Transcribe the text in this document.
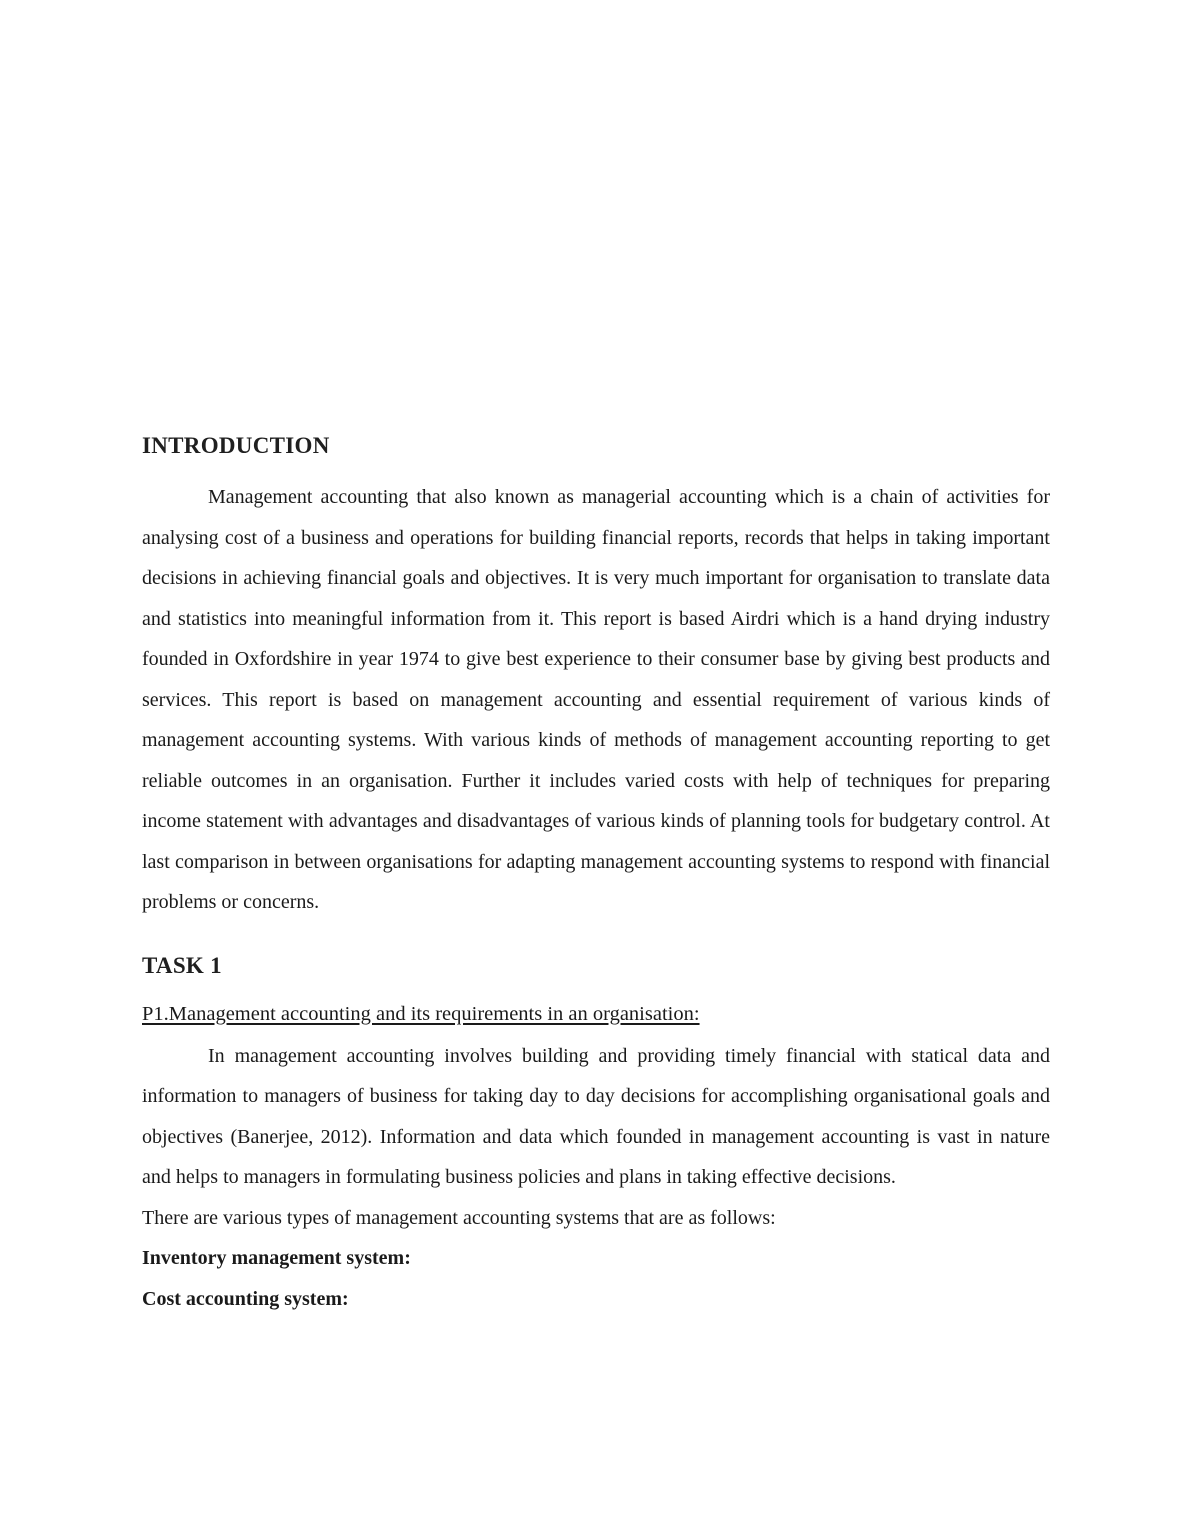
INTRODUCTION

Management accounting that also known as managerial accounting which is a chain of activities for analysing cost of a business and operations for building financial reports, records that helps in taking important decisions in achieving financial goals and objectives. It is very much important for organisation to translate data and statistics into meaningful information from it. This report is based Airdri which is a hand drying industry founded in Oxfordshire in year 1974 to give best experience to their consumer base by giving best products and services. This report is based on management accounting and essential requirement of various kinds of management accounting systems. With various kinds of methods of management accounting reporting to get reliable outcomes in an organisation. Further it includes varied costs with help of techniques for preparing income statement with advantages and disadvantages of various kinds of planning tools for budgetary control. At last comparison in between organisations for adapting management accounting systems to respond with financial problems or concerns.

TASK 1
P1.Management accounting and its requirements in an organisation:

In management accounting involves building and providing timely financial with statical data and information to managers of business for taking day to day decisions for accomplishing organisational goals and objectives (Banerjee, 2012). Information and data which founded in management accounting is vast in nature and helps to managers in formulating business policies and plans in taking effective decisions.

There are various types of management accounting systems that are as follows:
Inventory management system:
Cost accounting system:
